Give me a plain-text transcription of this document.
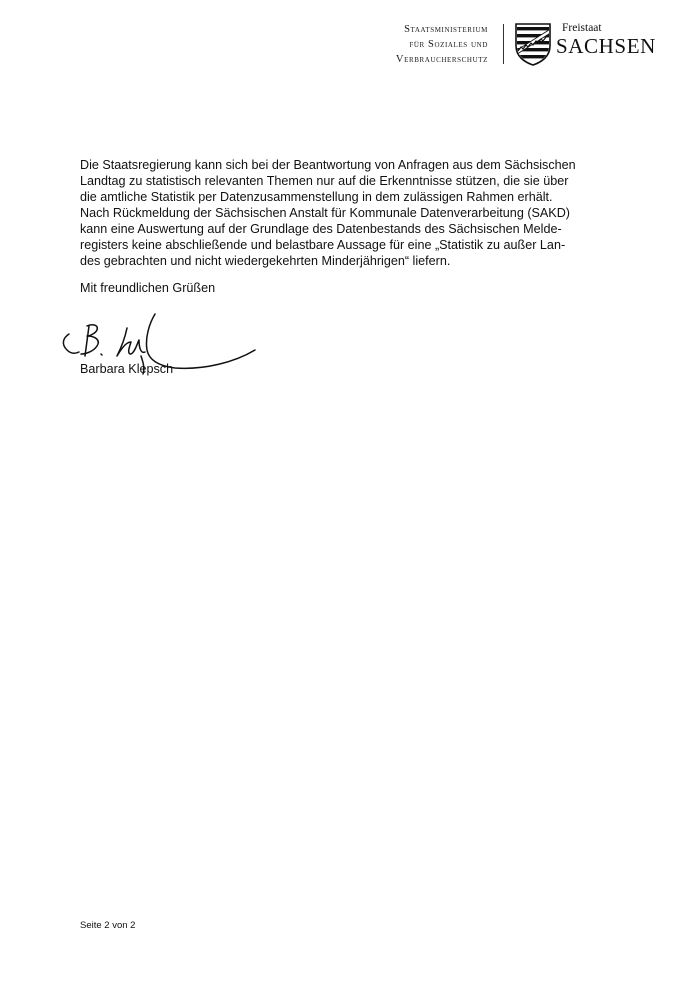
Staatsministerium
für Soziales und
Verbraucherschutz
Freistaat
SACHSEN
Die Staatsregierung kann sich bei der Beantwortung von Anfragen aus dem Sächsischen
Landtag zu statistisch relevanten Themen nur auf die Erkenntnisse stützen, die sie über
die amtliche Statistik per Datenzusammenstellung in dem zulässigen Rahmen erhält.
Nach Rückmeldung der Sächsischen Anstalt für Kommunale Datenverarbeitung (SAKD)
kann eine Auswertung auf der Grundlage des Datenbestands des Sächsischen Melde-
registers keine abschließende und belastbare Aussage für eine „Statistik zu außer Lan-
des gebrachten und nicht wiedergekehrten Minderjährigen“ liefern.
Mit freundlichen Grüßen
Barbara Klepsch
Seite 2 von 2
